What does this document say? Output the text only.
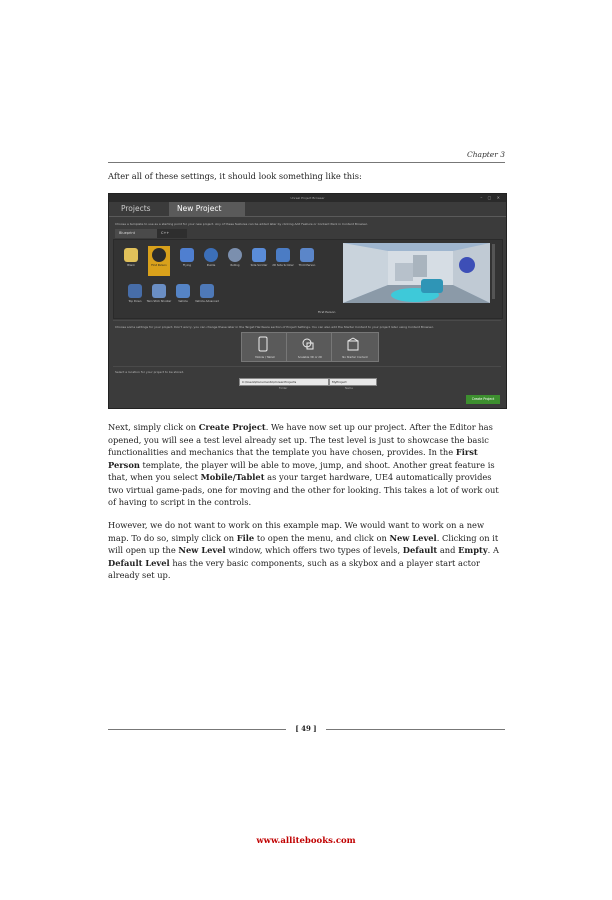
Chapter 3

After all of these settings, it should look something like this:

Unreal Project Browser	– ▢ ✕
Projects	New Project
Choose a template to use as a starting point for your new project. Any of these features can be added later by clicking Add Feature or Content Pack in Content Browser.
Blueprint	C++
Blank	First Person	Flying	Puzzle	Rolling	Side Scroller	2D Side Scroller	Third Person
Top Down	Twin Stick Shooter	Vehicle	Vehicle Advanced
First Person
Choose some settings for your project. Don't worry, you can change these later in the Target Hardware section of Project Settings. You can also add the Starter Content to your project later using Content Browser.
Mobile / Tablet	Scalable 3D or 2D	No Starter Content
Select a location for your project to be stored.
C:\Users\Documents\Unreal Projects	MyProject
Folder	Name
Create Project

Next, simply click on Create Project. We have now set up our project. After the Editor has opened, you will see a test level already set up. The test level is just to showcase the basic functionalities and mechanics that the template you have chosen, provides. In the First Person template, the player will be able to move, jump, and shoot. Another great feature is that, when you select Mobile/Tablet as your target hardware, UE4 automatically provides two virtual game-pads, one for moving and the other for looking. This takes a lot of work out of having to script in the controls.

However, we do not want to work on this example map. We would want to work on a new map. To do so, simply click on File to open the menu, and click on New Level. Clicking on it will open up the New Level window, which offers two types of levels, Default and Empty. A Default Level has the very basic components, such as a skybox and a player start actor already set up.

[ 49 ]
www.allitebooks.com
